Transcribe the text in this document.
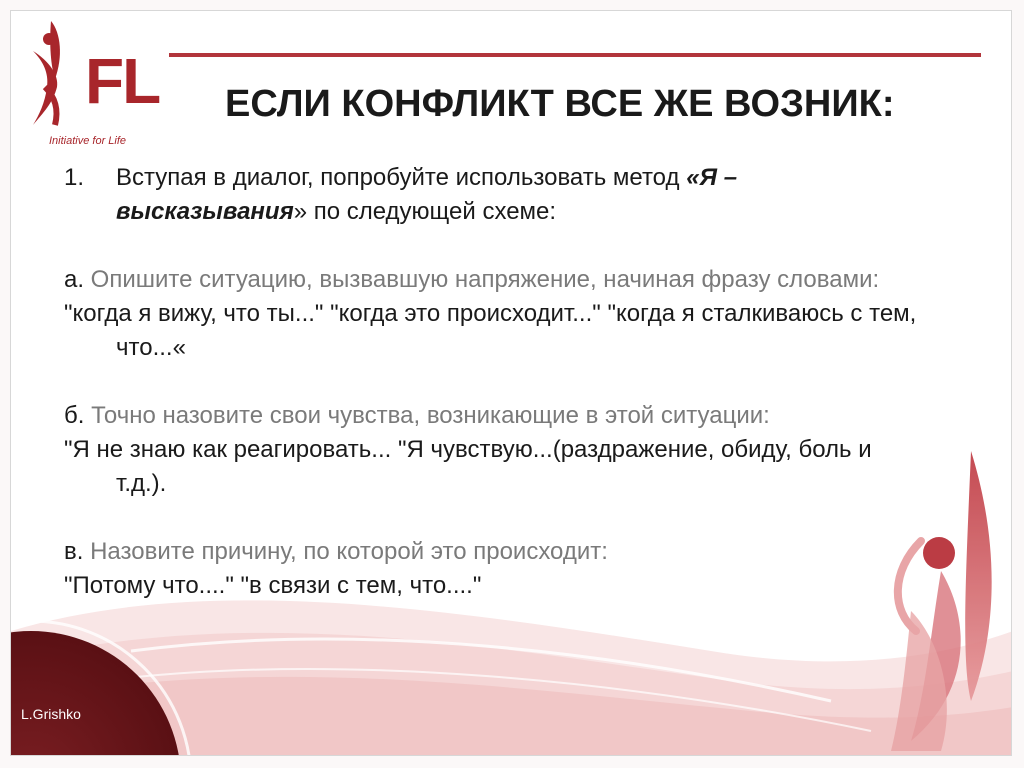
FL
Initiative for Life
ЕСЛИ КОНФЛИКТ ВСЕ ЖЕ ВОЗНИК:
1.	Вступая в диалог, попробуйте использовать метод «Я – высказывания» по следующей схеме:

а. Опишите ситуацию, вызвавшую напряжение, начиная фразу словами:

"когда я вижу, что ты..." "когда это происходит..." "когда я сталкиваюсь с тем, что...«

б. Точно назовите свои чувства, возникающие в этой ситуации:

"Я не знаю как реагировать... "Я чувствую...(раздражение, обиду, боль и т.д.).

в. Назовите причину, по которой это происходит:

"Потому что...." "в связи с тем, что...."

L.Grishko
